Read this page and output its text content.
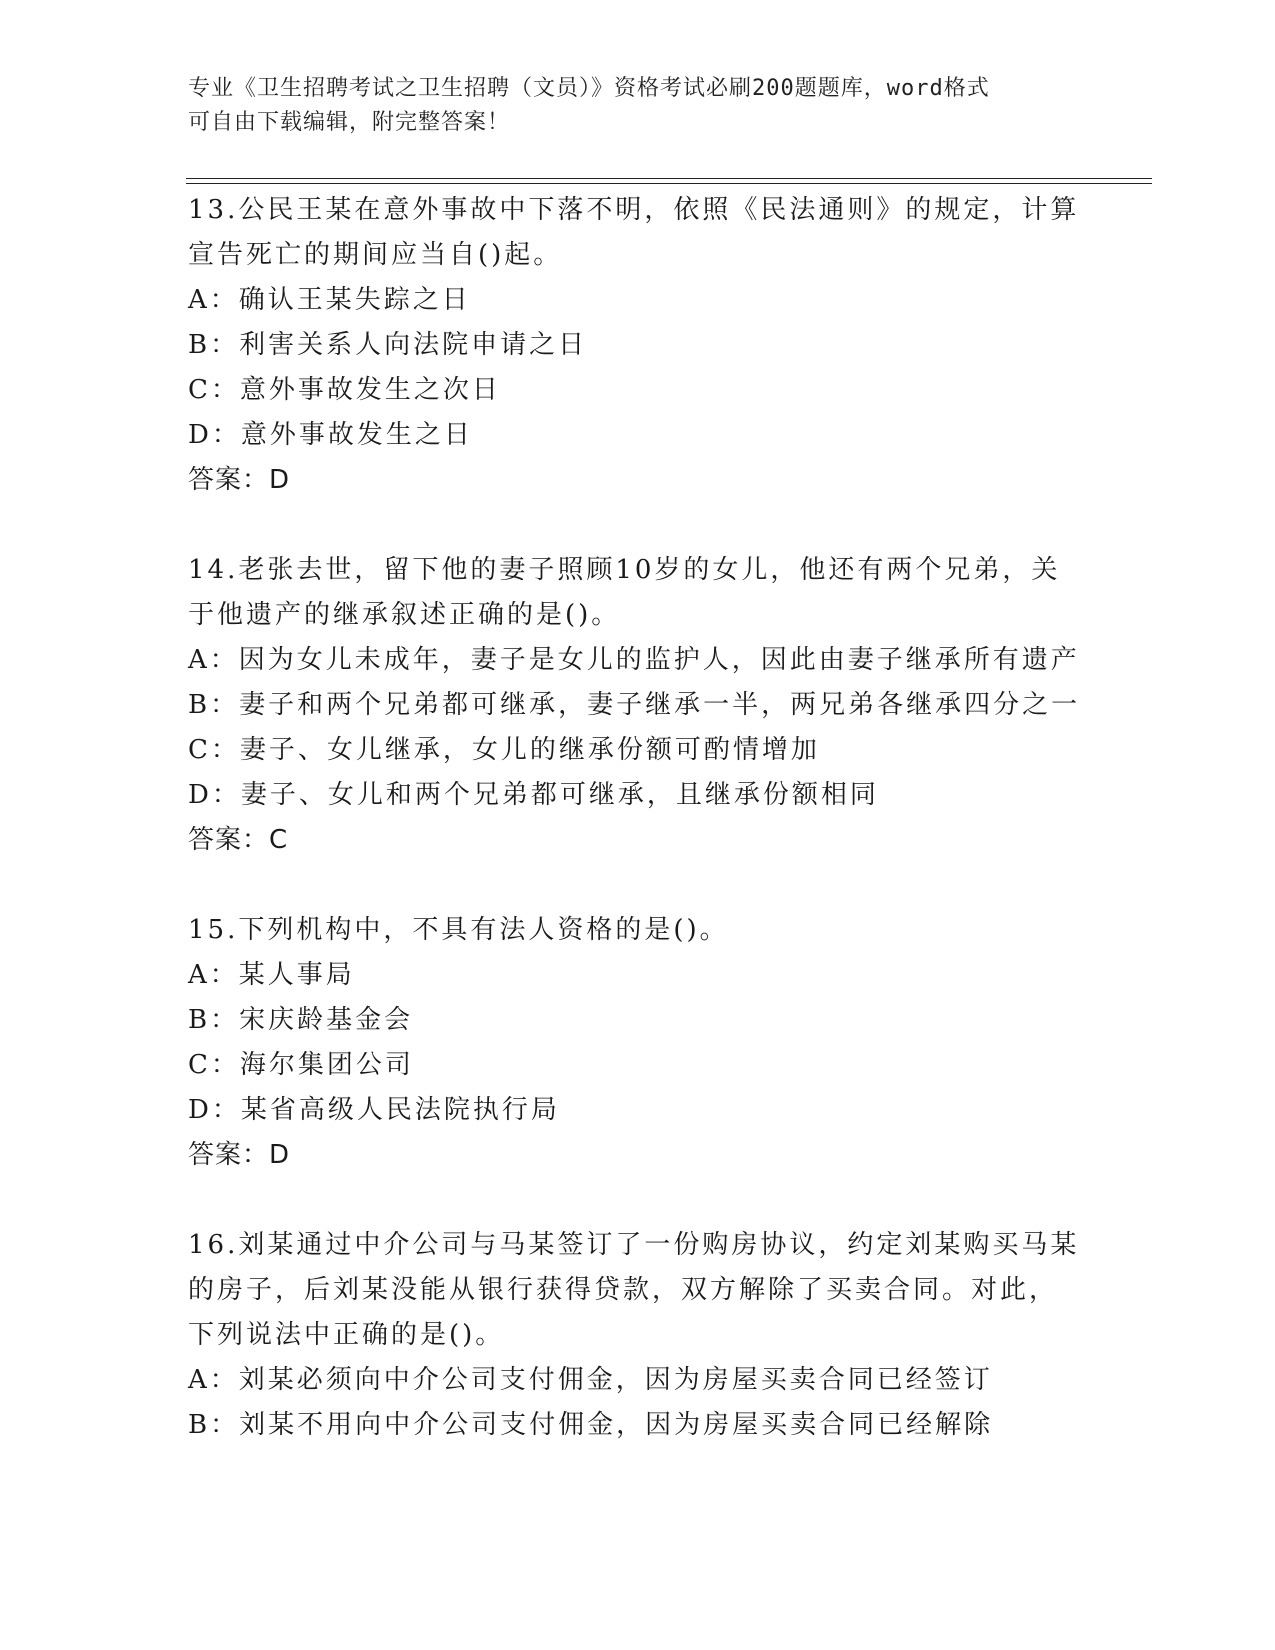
专业《卫生招聘考试之卫生招聘（文员）》资格考试必刷200题题库，word格式
可自由下载编辑，附完整答案！
13.公民王某在意外事故中下落不明，依照《民法通则》的规定，计算
宣告死亡的期间应当自()起。
A：确认王某失踪之日
B：利害关系人向法院申请之日
C：意外事故发生之次日
D：意外事故发生之日
答案：D
14.老张去世，留下他的妻子照顾10岁的女儿，他还有两个兄弟，关
于他遗产的继承叙述正确的是()。
A：因为女儿未成年，妻子是女儿的监护人，因此由妻子继承所有遗产
B：妻子和两个兄弟都可继承，妻子继承一半，两兄弟各继承四分之一
C：妻子、女儿继承，女儿的继承份额可酌情增加
D：妻子、女儿和两个兄弟都可继承，且继承份额相同
答案：C
15.下列机构中，不具有法人资格的是()。
A：某人事局
B：宋庆龄基金会
C：海尔集团公司
D：某省高级人民法院执行局
答案：D
16.刘某通过中介公司与马某签订了一份购房协议，约定刘某购买马某
的房子，后刘某没能从银行获得贷款，双方解除了买卖合同。对此，
下列说法中正确的是()。
A：刘某必须向中介公司支付佣金，因为房屋买卖合同已经签订
B：刘某不用向中介公司支付佣金，因为房屋买卖合同已经解除
